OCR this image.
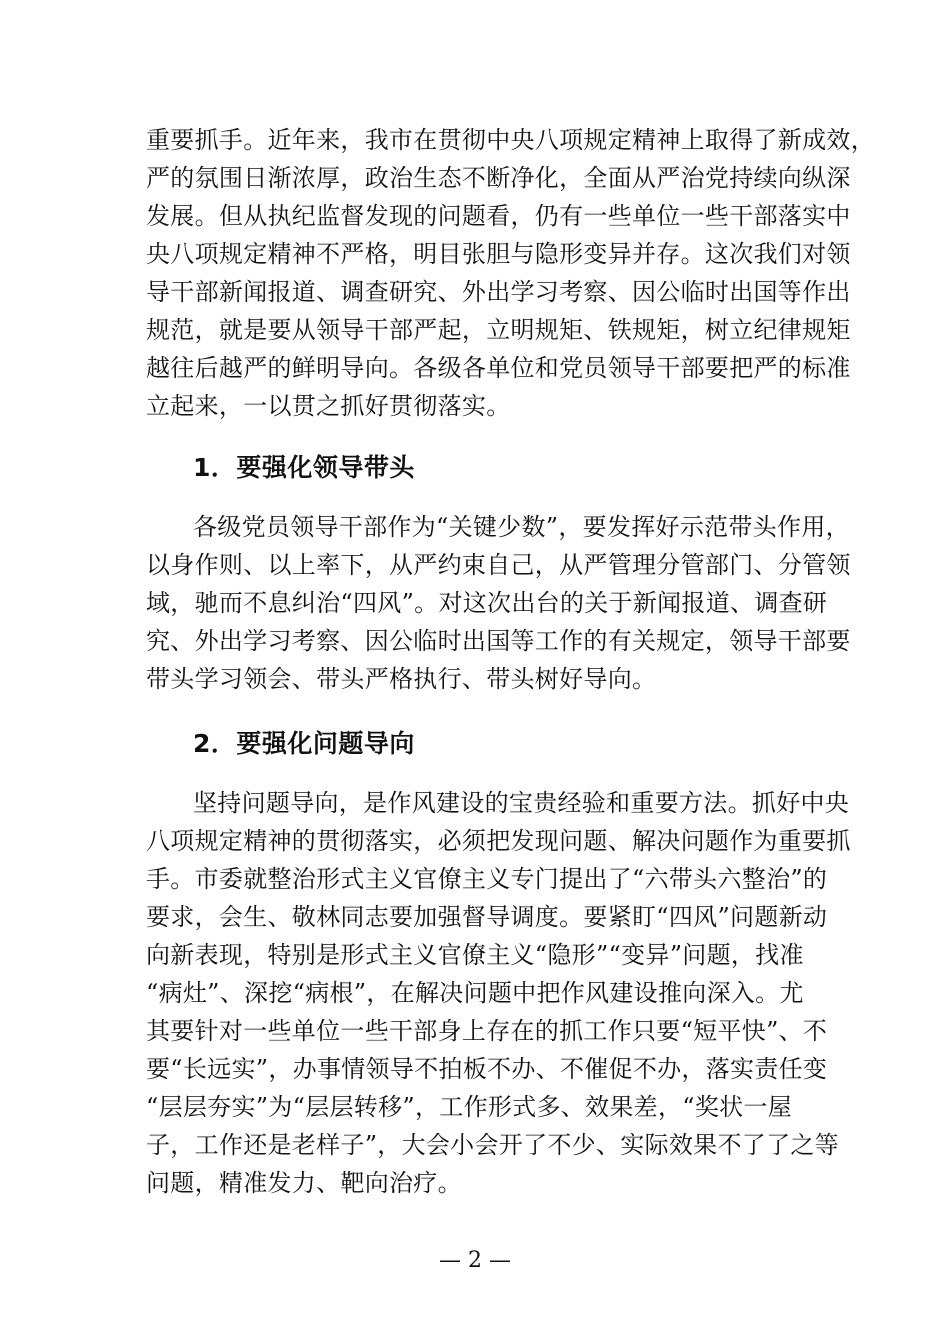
重要抓手。近年来，我市在贯彻中央八项规定精神上取得了新成效，
严的氛围日渐浓厚，政治生态不断净化，全面从严治党持续向纵深
发展。但从执纪监督发现的问题看，仍有一些单位一些干部落实中
央八项规定精神不严格，明目张胆与隐形变异并存。这次我们对领
导干部新闻报道、调查研究、外出学习考察、因公临时出国等作出
规范，就是要从领导干部严起，立明规矩、铁规矩，树立纪律规矩
越往后越严的鲜明导向。各级各单位和党员领导干部要把严的标准
立起来，一以贯之抓好贯彻落实。
1．要强化领导带头
各级党员领导干部作为“关键少数”，要发挥好示范带头作用，
以身作则、以上率下，从严约束自己，从严管理分管部门、分管领
域，驰而不息纠治“四风”。对这次出台的关于新闻报道、调查研
究、外出学习考察、因公临时出国等工作的有关规定，领导干部要
带头学习领会、带头严格执行、带头树好导向。
2．要强化问题导向
坚持问题导向，是作风建设的宝贵经验和重要方法。抓好中央
八项规定精神的贯彻落实，必须把发现问题、解决问题作为重要抓
手。市委就整治形式主义官僚主义专门提出了“六带头六整治”的
要求，会生、敬林同志要加强督导调度。要紧盯“四风”问题新动
向新表现，特别是形式主义官僚主义“隐形”“变异”问题，找准
“病灶”、深挖“病根”，在解决问题中把作风建设推向深入。尤
其要针对一些单位一些干部身上存在的抓工作只要“短平快”、不
要“长远实”，办事情领导不拍板不办、不催促不办，落实责任变
“层层夯实”为“层层转移”，工作形式多、效果差，“奖状一屋
子，工作还是老样子”，大会小会开了不少、实际效果不了了之等
问题，精准发力、靶向治疗。
— 2 —
